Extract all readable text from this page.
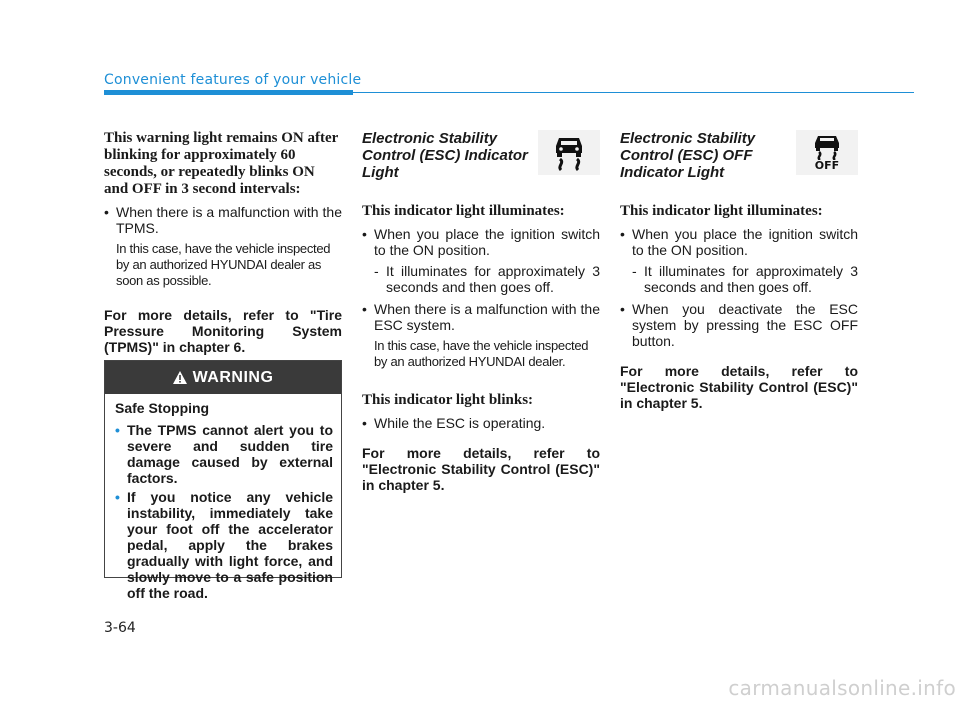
Convenient features of your vehicle
This warning light remains ON after blinking for approximately 60 seconds, or repeatedly blinks ON and OFF in 3 second intervals:
• When there is a malfunction with the TPMS.
In this case, have the vehicle inspected by an authorized HYUNDAI dealer as soon as possible.
For more details, refer to "Tire Pressure Monitoring System (TPMS)" in chapter 6.
WARNING
Safe Stopping
• The TPMS cannot alert you to severe and sudden tire damage caused by external factors.
• If you notice any vehicle instability, immediately take your foot off the accelerator pedal, apply the brakes gradually with light force, and slowly move to a safe position off the road.
Electronic Stability Control (ESC) Indicator Light
This indicator light illuminates:
• When you place the ignition switch to the ON position.
- It illuminates for approximately 3 seconds and then goes off.
• When there is a malfunction with the ESC system.
In this case, have the vehicle inspected by an authorized HYUNDAI dealer.
This indicator light blinks:
• While the ESC is operating.
For more details, refer to "Electronic Stability Control (ESC)" in chapter 5.
Electronic Stability Control (ESC) OFF Indicator Light	OFF
This indicator light illuminates:
• When you place the ignition switch to the ON position.
- It illuminates for approximately 3 seconds and then goes off.
• When you deactivate the ESC system by pressing the ESC OFF button.
For more details, refer to "Electronic Stability Control (ESC)" in chapter 5.
3-64
carmanualsonline.info
